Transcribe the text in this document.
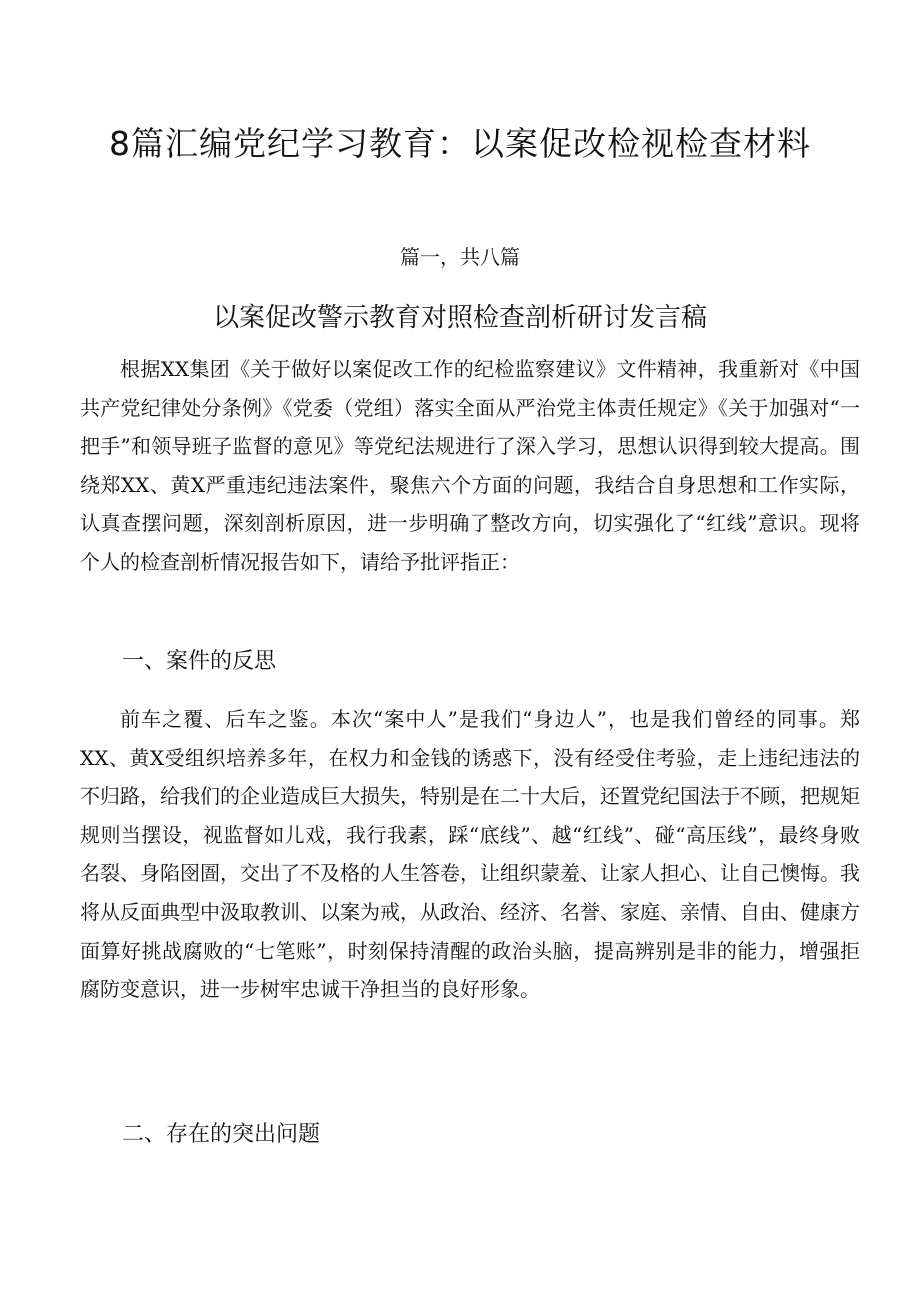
8篇汇编党纪学习教育：以案促改检视检查材料

篇一，共八篇

以案促改警示教育对照检查剖析研讨发言稿

根据XX集团《关于做好以案促改工作的纪检监察建议》文件精神，我重新对《中国共产党纪律处分条例》《党委（党组）落实全面从严治党主体责任规定》《关于加强对“一把手”和领导班子监督的意见》等党纪法规进行了深入学习，思想认识得到较大提高。围绕郑XX、黄X严重违纪违法案件，聚焦六个方面的问题，我结合自身思想和工作实际，认真查摆问题，深刻剖析原因，进一步明确了整改方向，切实强化了“红线”意识。现将个人的检查剖析情况报告如下，请给予批评指正：

一、案件的反思

前车之覆、后车之鉴。本次“案中人”是我们“身边人”，也是我们曾经的同事。郑XX、黄X受组织培养多年，在权力和金钱的诱惑下，没有经受住考验，走上违纪违法的不归路，给我们的企业造成巨大损失，特别是在二十大后，还置党纪国法于不顾，把规矩规则当摆设，视监督如儿戏，我行我素，踩“底线”、越“红线”、碰“高压线”，最终身败名裂、身陷囹圄，交出了不及格的人生答卷，让组织蒙羞、让家人担心、让自己懊悔。我将从反面典型中汲取教训、以案为戒，从政治、经济、名誉、家庭、亲情、自由、健康方面算好挑战腐败的“七笔账”，时刻保持清醒的政治头脑，提高辨别是非的能力，增强拒腐防变意识，进一步树牢忠诚干净担当的良好形象。

二、存在的突出问题
